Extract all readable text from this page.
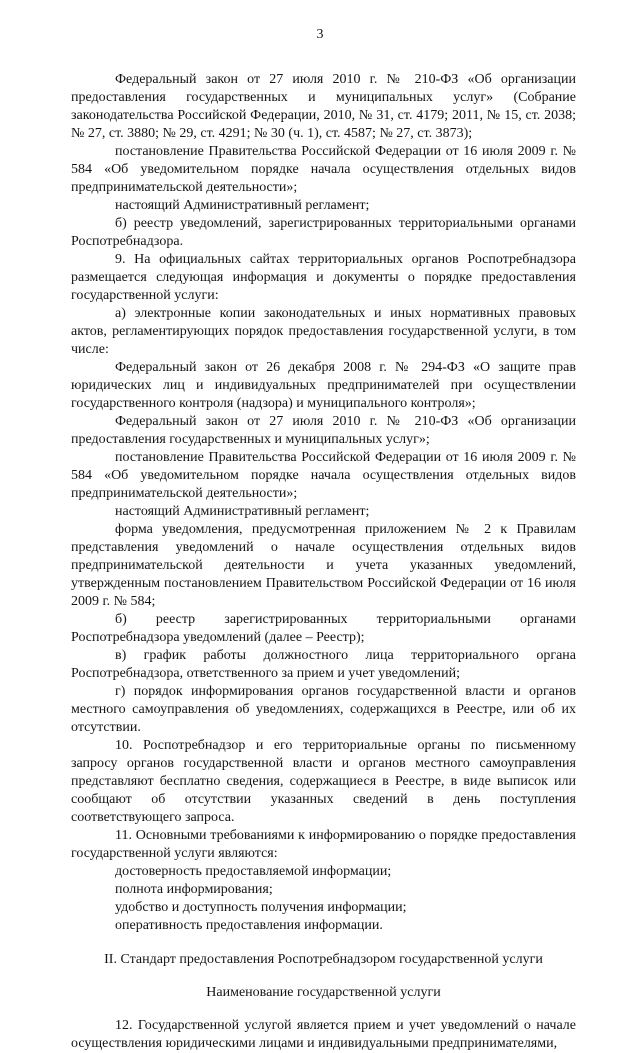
3

Федеральный закон от 27 июля 2010 г. № 210-ФЗ «Об организации предоставления государственных и муниципальных услуг» (Собрание законодательства Российской Федерации, 2010, № 31, ст. 4179; 2011, № 15, ст. 2038; № 27, ст. 3880; № 29, ст. 4291; № 30 (ч. 1), ст. 4587; № 27, ст. 3873);

постановление Правительства Российской Федерации от 16 июля 2009 г. № 584 «Об уведомительном порядке начала осуществления отдельных видов предпринимательской деятельности»;

настоящий Административный регламент;

б) реестр уведомлений, зарегистрированных территориальными органами Роспотребнадзора.

9. На официальных сайтах территориальных органов Роспотребнадзора размещается следующая информация и документы о порядке предоставления государственной услуги:

а) электронные копии законодательных и иных нормативных правовых актов, регламентирующих порядок предоставления государственной услуги, в том числе:

Федеральный закон от 26 декабря 2008 г. № 294-ФЗ «О защите прав юридических лиц и индивидуальных предпринимателей при осуществлении государственного контроля (надзора) и муниципального контроля»;

Федеральный закон от 27 июля 2010 г. № 210-ФЗ «Об организации предоставления государственных и муниципальных услуг»;

постановление Правительства Российской Федерации от 16 июля 2009 г. № 584 «Об уведомительном порядке начала осуществления отдельных видов предпринимательской деятельности»;

настоящий Административный регламент;

форма уведомления, предусмотренная приложением № 2 к Правилам представления уведомлений о начале осуществления отдельных видов предпринимательской деятельности и учета указанных уведомлений, утвержденным постановлением Правительством Российской Федерации от 16 июля 2009 г. № 584;

б) реестр зарегистрированных территориальными органами Роспотребнадзора уведомлений (далее – Реестр);

в) график работы должностного лица территориального органа Роспотребнадзора, ответственного за прием и учет уведомлений;

г) порядок информирования органов государственной власти и органов местного самоуправления об уведомлениях, содержащихся в Реестре, или об их отсутствии.

10. Роспотребнадзор и его территориальные органы по письменному запросу органов государственной власти и органов местного самоуправления представляют бесплатно сведения, содержащиеся в Реестре, в виде выписок или сообщают об отсутствии указанных сведений в день поступления соответствующего запроса.

11. Основными требованиями к информированию о порядке предоставления государственной услуги являются:

достоверность предоставляемой информации;

полнота информирования;

удобство и доступность получения информации;

оперативность предоставления информации.

II. Стандарт предоставления Роспотребнадзором государственной услуги

Наименование государственной услуги

12. Государственной услугой является прием и учет уведомлений о начале осуществления юридическими лицами и индивидуальными предпринимателями,
